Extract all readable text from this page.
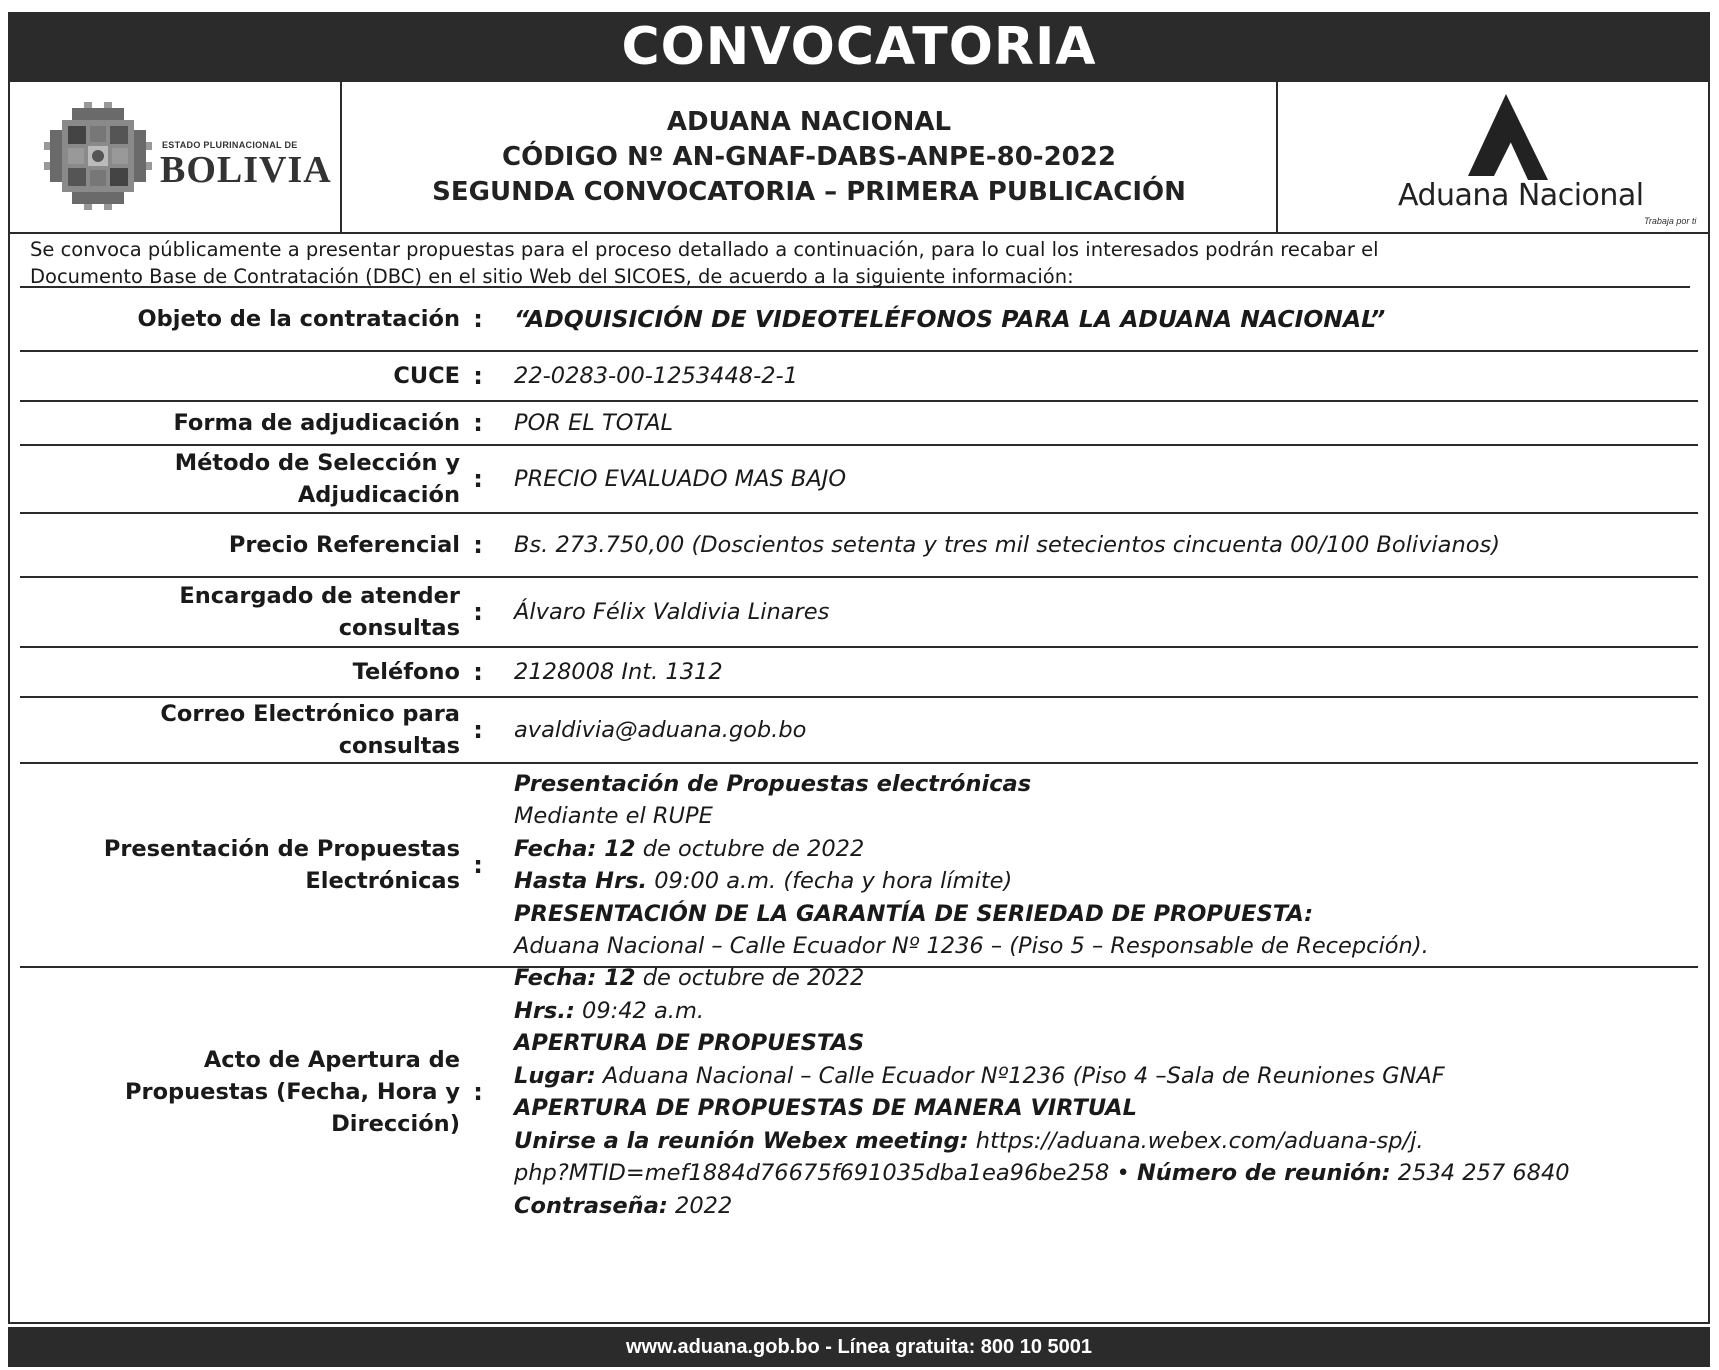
CONVOCATORIA
ESTADO PLURINACIONAL DE
BOLIVIA
ADUANA NACIONAL
CÓDIGO Nº AN-GNAF-DABS-ANPE-80-2022
SEGUNDA CONVOCATORIA – PRIMERA PUBLICACIÓN	Aduana Nacional
Trabaja por ti
Se convoca públicamente a presentar propuestas para el proceso detallado a continuación, para lo cual los interesados podrán recabar el
Documento Base de Contratación (DBC) en el sitio Web del SICOES, de acuerdo a la siguiente información:
Objeto de la contratación : “ADQUISICIÓN DE VIDEOTELÉFONOS PARA LA ADUANA NACIONAL”
CUCE : 22-0283-00-1253448-2-1
Forma de adjudicación : POR EL TOTAL
Método de Selección y
Adjudicación
: PRECIO EVALUADO MAS BAJO
Precio Referencial : Bs. 273.750,00 (Doscientos setenta y tres mil setecientos cincuenta 00/100 Bolivianos)
Encargado de atender
consultas
: Álvaro Félix Valdivia Linares
Teléfono : 2128008 Int. 1312
Correo Electrónico para
consultas
: avaldivia@aduana.gob.bo
Presentación de Propuestas
Electrónicas
:
Presentación de Propuestas electrónicas
Mediante el RUPE
Fecha: 12 de octubre de 2022
Hasta Hrs. 09:00 a.m. (fecha y hora límite)
PRESENTACIÓN DE LA GARANTÍA DE SERIEDAD DE PROPUESTA:
Aduana Nacional – Calle Ecuador Nº 1236 – (Piso 5 – Responsable de Recepción).
Acto de Apertura de
Propuestas (Fecha, Hora y
Dirección)
:
Fecha: 12 de octubre de 2022
Hrs.: 09:42 a.m.
APERTURA DE PROPUESTAS
Lugar: Aduana Nacional – Calle Ecuador Nº1236 (Piso 4 –Sala de Reuniones GNAF
APERTURA DE PROPUESTAS DE MANERA VIRTUAL
Unirse a la reunión Webex meeting: https://aduana.webex.com/aduana-sp/j.
php?MTID=mef1884d76675f691035dba1ea96be258 • Número de reunión: 2534 257 6840
Contraseña: 2022
www.aduana.gob.bo - Línea gratuita: 800 10 5001
